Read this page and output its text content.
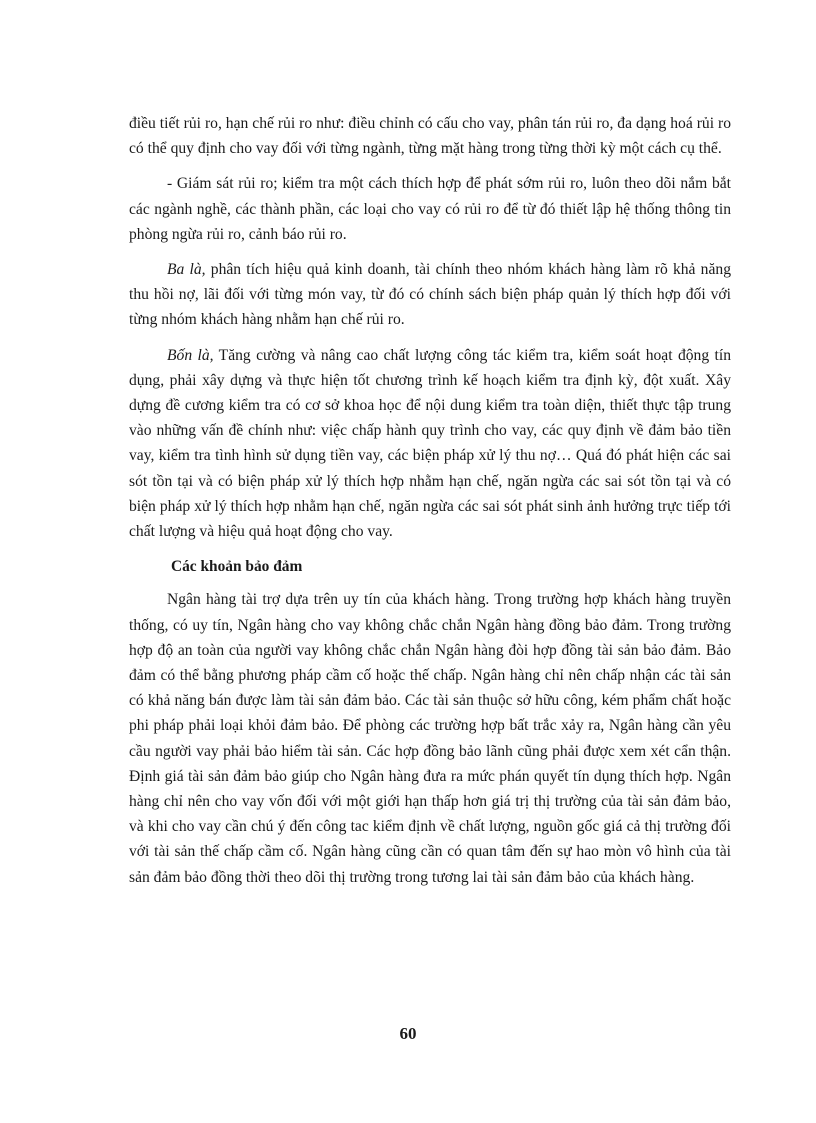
điều tiết rủi ro, hạn chế rủi ro như: điều chỉnh có cấu cho vay, phân tán rủi ro, đa dạng hoá rủi ro có thể quy định cho vay đối với từng ngành, từng mặt hàng trong từng thời kỳ một cách cụ thể.

- Giám sát rủi ro; kiểm tra một cách thích hợp để phát sớm rủi ro, luôn theo dõi nắm bắt các ngành nghề, các thành phần, các loại cho vay có rủi ro để từ đó thiết lập hệ thống thông tin phòng ngừa rủi ro, cảnh báo rủi ro.

Ba là, phân tích hiệu quả kinh doanh, tài chính theo nhóm khách hàng làm rõ khả năng thu hồi nợ, lãi đối với từng món vay, từ đó có chính sách biện pháp quản lý thích hợp đối với từng nhóm khách hàng nhằm hạn chế rủi ro.

Bốn là, Tăng cường và nâng cao chất lượng công tác kiểm tra, kiểm soát hoạt động tín dụng, phải xây dựng và thực hiện tốt chương trình kế hoạch kiểm tra định kỳ, đột xuất. Xây dựng đề cương kiểm tra có cơ sở khoa học để nội dung kiểm tra toàn diện, thiết thực tập trung vào những vấn đề chính như: việc chấp hành quy trình cho vay, các quy định về đảm bảo tiền vay, kiểm tra tình hình sử dụng tiền vay, các biện pháp xử lý thu nợ… Quá đó phát hiện các sai sót tồn tại và có biện pháp xử lý thích hợp nhằm hạn chế, ngăn ngừa các sai sót tồn tại và có biện pháp xử lý thích hợp nhằm hạn chế, ngăn ngừa các sai sót phát sinh ảnh hưởng trực tiếp tới chất lượng và hiệu quả hoạt động cho vay.

Các khoản bảo đảm

Ngân hàng tài trợ dựa trên uy tín của khách hàng. Trong trường hợp khách hàng truyền thống, có uy tín, Ngân hàng cho vay không chắc chắn Ngân hàng đồng bảo đảm. Trong trường hợp độ an toàn của người vay không chắc chắn Ngân hàng đòi hợp đồng tài sản bảo đảm. Bảo đảm có thể bằng phương pháp cầm cố hoặc thế chấp. Ngân hàng chỉ nên chấp nhận các tài sản có khả năng bán được làm tài sản đảm bảo. Các tài sản thuộc sở hữu công, kém phẩm chất hoặc phi pháp phải loại khỏi đảm bảo. Để phòng các trường hợp bất trắc xảy ra, Ngân hàng cần yêu cầu người vay phải bảo hiểm tài sản. Các hợp đồng bảo lãnh cũng phải được xem xét cẩn thận. Định giá tài sản đảm bảo giúp cho Ngân hàng đưa ra mức phán quyết tín dụng thích hợp. Ngân hàng chỉ nên cho vay vốn đối với một giới hạn thấp hơn giá trị thị trường của tài sản đảm bảo, và khi cho vay cần chú ý đến công tac kiểm định về chất lượng, nguồn gốc giá cả thị trường đối với tài sản thế chấp cầm cố. Ngân hàng cũng cần có quan tâm đến sự hao mòn vô hình của tài sản đảm bảo đồng thời theo dõi thị trường trong tương lai tài sản đảm bảo của khách hàng.

60
